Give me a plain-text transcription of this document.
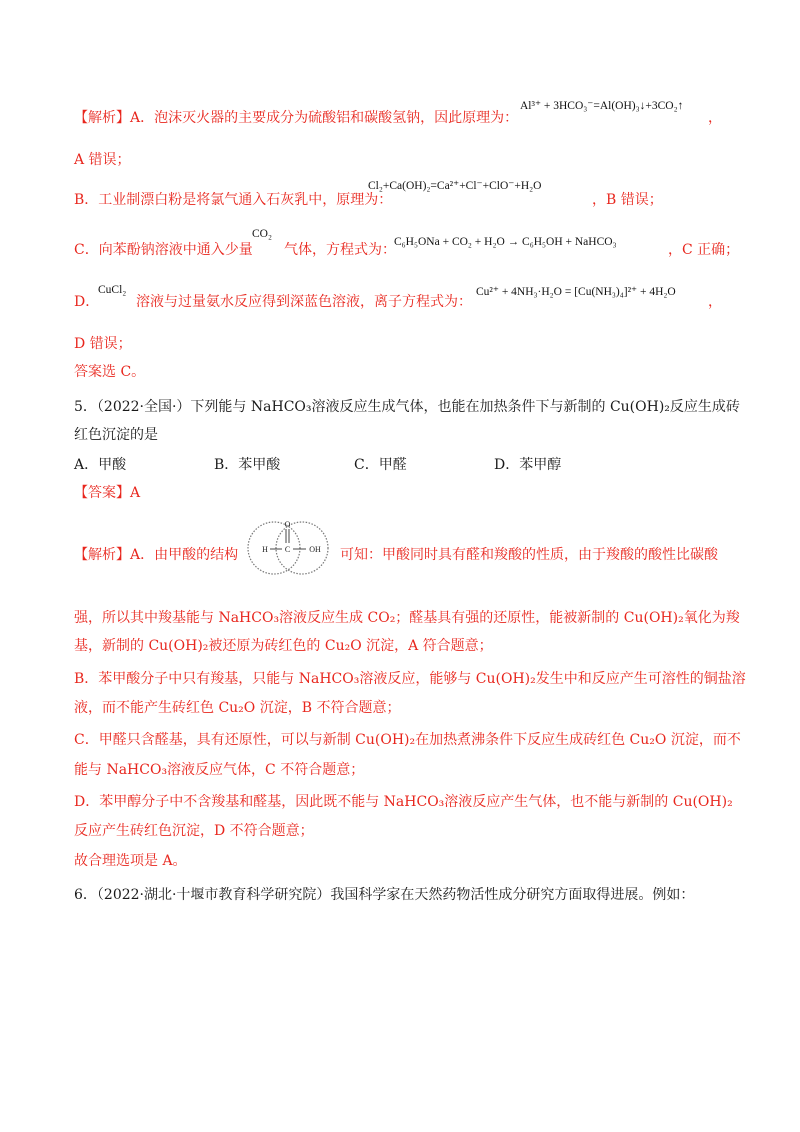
【解析】A．泡沫灭火器的主要成分为硫酸铝和碳酸氢钠，因此原理为：
Al³⁺ + 3HCO₃⁻=Al(OH)₃↓+3CO₂↑
，
A 错误；
B．工业制漂白粉是将氯气通入石灰乳中，原理为：
Cl₂+Ca(OH)₂=Ca²⁺+Cl⁻+ClO⁻+H₂O
，B 错误；
C．向苯酚钠溶液中通入少量
CO₂
气体，方程式为：
C₆H₅ONa + CO₂ + H₂O → C₆H₅OH + NaHCO₃	，C 正确；
D．
CuCl₂
溶液与过量氨水反应得到深蓝色溶液，离子方程式为：
Cu²⁺ + 4NH₃·H₂O = [Cu(NH₃)₄]²⁺ + 4H₂O
，
D 错误；
答案选 C。
5．（2022·全国·）下列能与 NaHCO₃溶液反应生成气体，也能在加热条件下与新制的 Cu(OH)₂反应生成砖
红色沉淀的是
A．甲酸	B．苯甲酸	C．甲醛	D．苯甲醇
【答案】A
【解析】A．由甲酸的结构
O
H C OH 可知：甲酸同时具有醛和羧酸的性质，由于羧酸的酸性比碳酸
强，所以其中羧基能与 NaHCO₃溶液反应生成 CO₂；醛基具有强的还原性，能被新制的 Cu(OH)₂氧化为羧
基，新制的 Cu(OH)₂被还原为砖红色的 Cu₂O 沉淀，A 符合题意；
B．苯甲酸分子中只有羧基，只能与 NaHCO₃溶液反应，能够与 Cu(OH)₂发生中和反应产生可溶性的铜盐溶
液，而不能产生砖红色 Cu₂O 沉淀，B 不符合题意；
C．甲醛只含醛基，具有还原性，可以与新制 Cu(OH)₂在加热煮沸条件下反应生成砖红色 Cu₂O 沉淀，而不
能与 NaHCO₃溶液反应气体，C 不符合题意；
D．苯甲醇分子中不含羧基和醛基，因此既不能与 NaHCO₃溶液反应产生气体，也不能与新制的 Cu(OH)₂
反应产生砖红色沉淀，D 不符合题意；
故合理选项是 A。
6．（2022·湖北·十堰市教育科学研究院）我国科学家在天然药物活性成分研究方面取得进展。例如：
